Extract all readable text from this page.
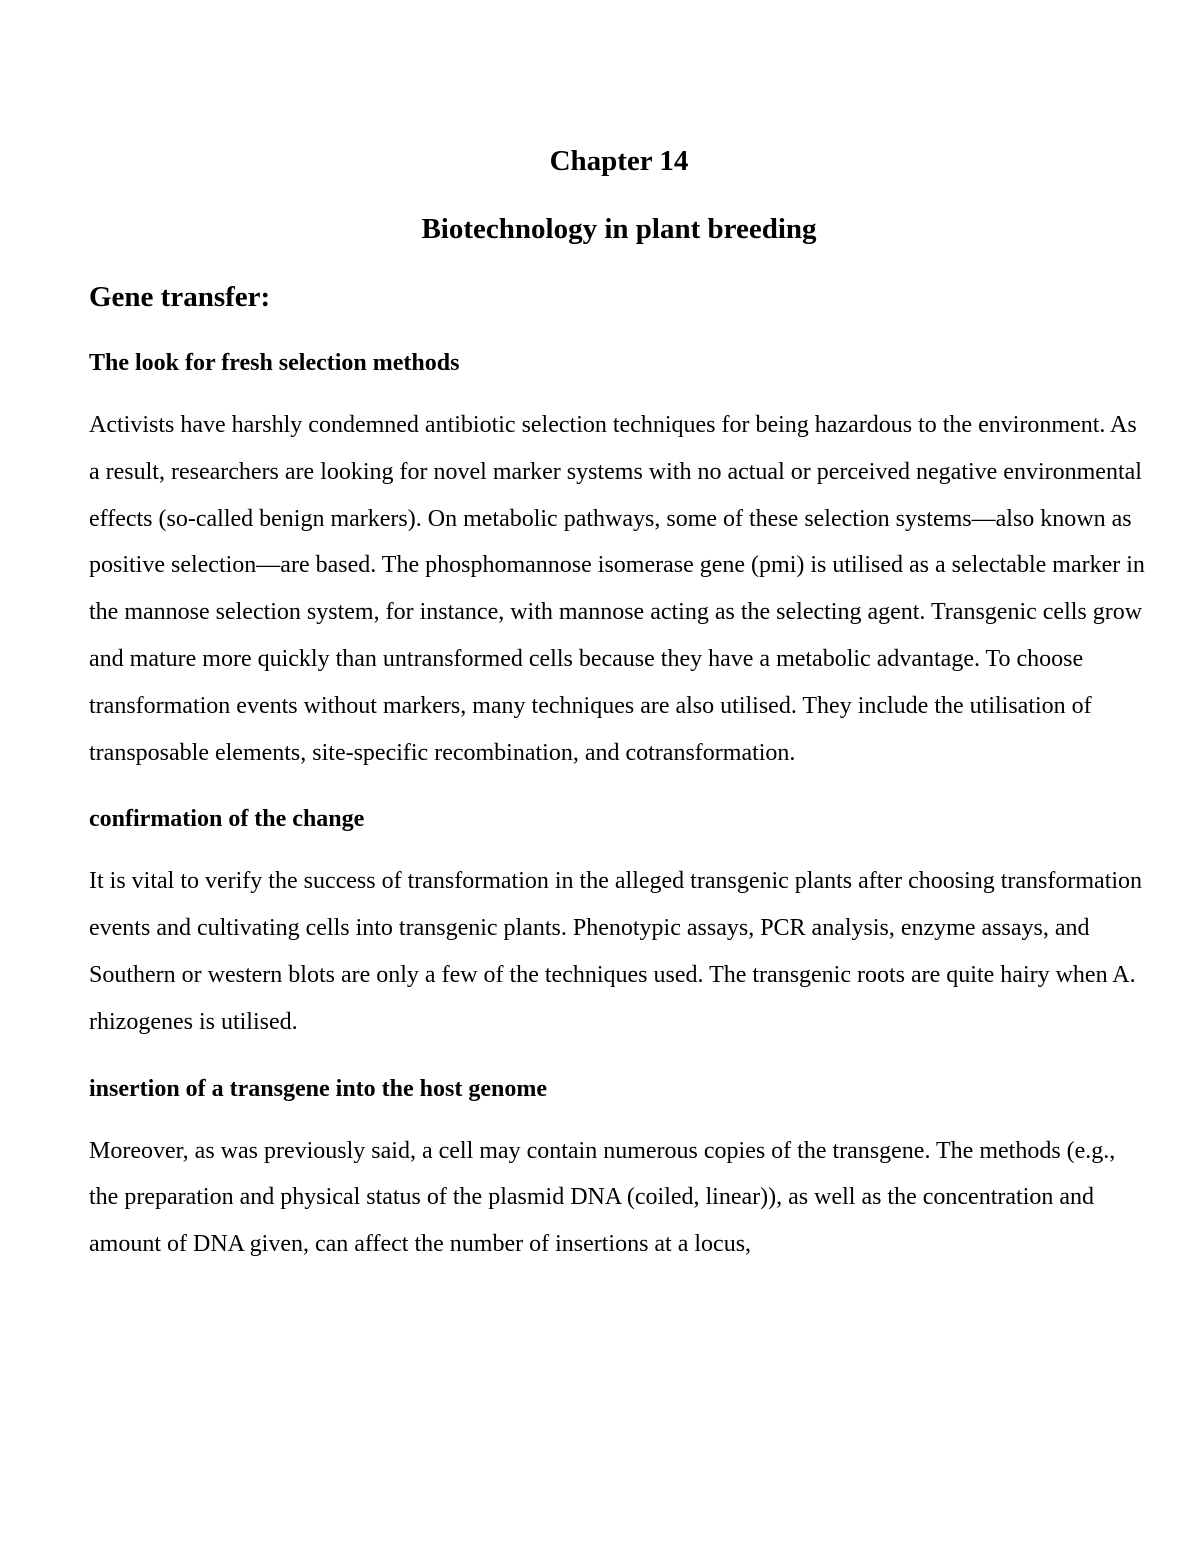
Chapter 14
Biotechnology in plant breeding
Gene transfer:
The look for fresh selection methods

Activists have harshly condemned antibiotic selection techniques for being hazardous to the environment. As a result, researchers are looking for novel marker systems with no actual or perceived negative environmental effects (so-called benign markers). On metabolic pathways, some of these selection systems—also known as positive selection—are based. The phosphomannose isomerase gene (pmi) is utilised as a selectable marker in the mannose selection system, for instance, with mannose acting as the selecting agent. Transgenic cells grow and mature more quickly than untransformed cells because they have a metabolic advantage. To choose transformation events without markers, many techniques are also utilised. They include the utilisation of transposable elements, site-specific recombination, and cotransformation.

confirmation of the change

It is vital to verify the success of transformation in the alleged transgenic plants after choosing transformation events and cultivating cells into transgenic plants. Phenotypic assays, PCR analysis, enzyme assays, and Southern or western blots are only a few of the techniques used. The transgenic roots are quite hairy when A. rhizogenes is utilised.

insertion of a transgene into the host genome

Moreover, as was previously said, a cell may contain numerous copies of the transgene. The methods (e.g., the preparation and physical status of the plasmid DNA (coiled, linear)), as well as the concentration and amount of DNA given, can affect the number of insertions at a locus,
